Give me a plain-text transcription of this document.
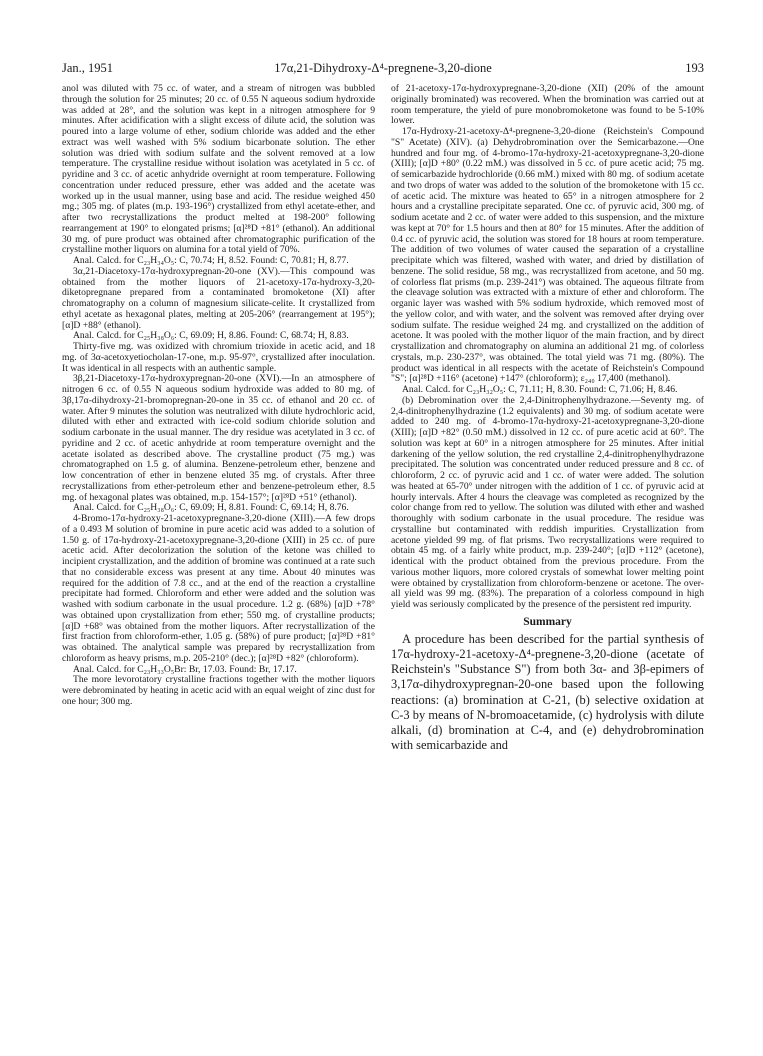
Jan., 1951	17α,21-Dihydroxy-Δ⁴-pregnene-3,20-dione	193

anol was diluted with 75 cc. of water, and a stream of nitrogen was bubbled through the solution for 25 minutes; 20 cc. of 0.55 N aqueous sodium hydroxide was added at 28°, and the solution was kept in a nitrogen atmosphere for 9 minutes. After acidification with a slight excess of dilute acid, the solution was poured into a large volume of ether, sodium chloride was added and the ether extract was well washed with 5% sodium bicarbonate solution. The ether solution was dried with sodium sulfate and the solvent removed at a low temperature. The crystalline residue without isolation was acetylated in 5 cc. of pyridine and 3 cc. of acetic anhydride overnight at room temperature. Following concentration under reduced pressure, ether was added and the acetate was worked up in the usual manner, using base and acid. The residue weighed 450 mg.; 305 mg. of plates (m.p. 193-196°) crystallized from ethyl acetate-ether, and after two recrystallizations the product melted at 198-200° following rearrangement at 190° to elongated prisms; [α]²⁸D +81° (ethanol). An additional 30 mg. of pure product was obtained after chromatographic purification of the crystalline mother liquors on alumina for a total yield of 70%.

Anal. Calcd. for C₂₃H₃₄O₅: C, 70.74; H, 8.52. Found: C, 70.81; H, 8.77.

3α,21-Diacetoxy-17α-hydroxypregnan-20-one (XV).—This compound was obtained from the mother liquors of 21-acetoxy-17α-hydroxy-3,20-diketopregnane prepared from a contaminated bromoketone (XI) after chromatography on a column of magnesium silicate-celite. It crystallized from ethyl acetate as hexagonal plates, melting at 205-206° (rearrangement at 195°); [α]D +88° (ethanol).

Anal. Calcd. for C₂₅H₃₈O₆: C, 69.09; H, 8.86. Found: C, 68.74; H, 8.83.

Thirty-five mg. was oxidized with chromium trioxide in acetic acid, and 18 mg. of 3α-acetoxyetiocholan-17-one, m.p. 95-97°, crystallized after inoculation. It was identical in all respects with an authentic sample.

3β,21-Diacetoxy-17α-hydroxypregnan-20-one (XVI).—In an atmosphere of nitrogen 6 cc. of 0.55 N aqueous sodium hydroxide was added to 80 mg. of 3β,17α-dihydroxy-21-bromopregnan-20-one in 35 cc. of ethanol and 20 cc. of water. After 9 minutes the solution was neutralized with dilute hydrochloric acid, diluted with ether and extracted with ice-cold sodium chloride solution and sodium carbonate in the usual manner. The dry residue was acetylated in 3 cc. of pyridine and 2 cc. of acetic anhydride at room temperature overnight and the acetate isolated as described above. The crystalline product (75 mg.) was chromatographed on 1.5 g. of alumina. Benzene-petroleum ether, benzene and low concentration of ether in benzene eluted 35 mg. of crystals. After three recrystallizations from ether-petroleum ether and benzene-petroleum ether, 8.5 mg. of hexagonal plates was obtained, m.p. 154-157°; [α]²⁸D +51° (ethanol).

Anal. Calcd. for C₂₅H₃₈O₆: C, 69.09; H, 8.81. Found: C, 69.14; H, 8.76.

4-Bromo-17α-hydroxy-21-acetoxypregnane-3,20-dione (XIII).—A few drops of a 0.493 M solution of bromine in pure acetic acid was added to a solution of 1.50 g. of 17α-hydroxy-21-acetoxypregnane-3,20-dione (XIII) in 25 cc. of pure acetic acid. After decolorization the solution of the ketone was chilled to incipient crystallization, and the addition of bromine was continued at a rate such that no considerable excess was present at any time. About 40 minutes was required for the addition of 7.8 cc., and at the end of the reaction a crystalline precipitate had formed. Chloroform and ether were added and the solution was washed with sodium carbonate in the usual procedure. 1.2 g. (68%) [α]D +78° was obtained upon crystallization from ether; 550 mg. of crystalline products; [α]D +68° was obtained from the mother liquors. After recrystallization of the first fraction from chloroform-ether, 1.05 g. (58%) of pure product; [α]²⁸D +81° was obtained. The analytical sample was prepared by recrystallization from chloroform as heavy prisms, m.p. 205-210° (dec.); [α]²⁸D +82° (chloroform).

Anal. Calcd. for C₂₃H₃₃O₅Br: Br, 17.03. Found: Br, 17.17.

The more levorotatory crystalline fractions together with the mother liquors were debrominated by heating in acetic acid with an equal weight of zinc dust for one hour; 300 mg.

of 21-acetoxy-17α-hydroxypregnane-3,20-dione (XII) (20% of the amount originally brominated) was recovered. When the bromination was carried out at room temperature, the yield of pure monobromoketone was found to be 5-10% lower.

17α-Hydroxy-21-acetoxy-Δ⁴-pregnene-3,20-dione (Reichstein's Compound "S" Acetate) (XIV). (a) Dehydrobromination over the Semicarbazone.—One hundred and four mg. of 4-bromo-17α-hydroxy-21-acetoxypregnane-3,20-dione (XIII); [α]D +80° (0.22 mM.) was dissolved in 5 cc. of pure acetic acid; 75 mg. of semicarbazide hydrochloride (0.66 mM.) mixed with 80 mg. of sodium acetate and two drops of water was added to the solution of the bromoketone with 15 cc. of acetic acid. The mixture was heated to 65° in a nitrogen atmosphere for 2 hours and a crystalline precipitate separated. One cc. of pyruvic acid, 300 mg. of sodium acetate and 2 cc. of water were added to this suspension, and the mixture was kept at 70° for 1.5 hours and then at 80° for 15 minutes. After the addition of 0.4 cc. of pyruvic acid, the solution was stored for 18 hours at room temperature. The addition of two volumes of water caused the separation of a crystalline precipitate which was filtered, washed with water, and dried by distillation of benzene. The solid residue, 58 mg., was recrystallized from acetone, and 50 mg. of colorless flat prisms (m.p. 239-241°) was obtained. The aqueous filtrate from the cleavage solution was extracted with a mixture of ether and chloroform. The organic layer was washed with 5% sodium hydroxide, which removed most of the yellow color, and with water, and the solvent was removed after drying over sodium sulfate. The residue weighed 24 mg. and crystallized on the addition of acetone. It was pooled with the mother liquor of the main fraction, and by direct crystallization and chromatography on alumina an additional 21 mg. of colorless crystals, m.p. 230-237°, was obtained. The total yield was 71 mg. (80%). The product was identical in all respects with the acetate of Reichstein's Compound "S"; [α]²⁸D +116° (acetone) +147° (chloroform); ε₂₄₀ 17,400 (methanol).

Anal. Calcd. for C₂₃H₃₂O₅: C, 71.11; H, 8.30. Found: C, 71.06; H, 8.46.

(b) Debromination over the 2,4-Dinitrophenylhydrazone.—Seventy mg. of 2,4-dinitrophenylhydrazine (1.2 equivalents) and 30 mg. of sodium acetate were added to 240 mg. of 4-bromo-17α-hydroxy-21-acetoxypregnane-3,20-dione (XIII); [α]D +82° (0.50 mM.) dissolved in 12 cc. of pure acetic acid at 60°. The solution was kept at 60° in a nitrogen atmosphere for 25 minutes. After initial darkening of the yellow solution, the red crystalline 2,4-dinitrophenylhydrazone precipitated. The solution was concentrated under reduced pressure and 8 cc. of chloroform, 2 cc. of pyruvic acid and 1 cc. of water were added. The solution was heated at 65-70° under nitrogen with the addition of 1 cc. of pyruvic acid at hourly intervals. After 4 hours the cleavage was completed as recognized by the color change from red to yellow. The solution was diluted with ether and washed thoroughly with sodium carbonate in the usual procedure. The residue was crystalline but contaminated with reddish impurities. Crystallization from acetone yielded 99 mg. of flat prisms. Two recrystallizations were required to obtain 45 mg. of a fairly white product, m.p. 239-240°; [α]D +112° (acetone), identical with the product obtained from the previous procedure. From the various mother liquors, more colored crystals of somewhat lower melting point were obtained by crystallization from chloroform-benzene or acetone. The over-all yield was 99 mg. (83%). The preparation of a colorless compound in high yield was seriously complicated by the presence of the persistent red impurity.

Summary

A procedure has been described for the partial synthesis of 17α-hydroxy-21-acetoxy-Δ⁴-pregnene-3,20-dione (acetate of Reichstein's "Substance S") from both 3α- and 3β-epimers of 3,17α-dihydroxypregnan-20-one based upon the following reactions: (a) bromination at C-21, (b) selective oxidation at C-3 by means of N-bromoacetamide, (c) hydrolysis with dilute alkali, (d) bromination at C-4, and (e) dehydrobromination with semicarbazide and
